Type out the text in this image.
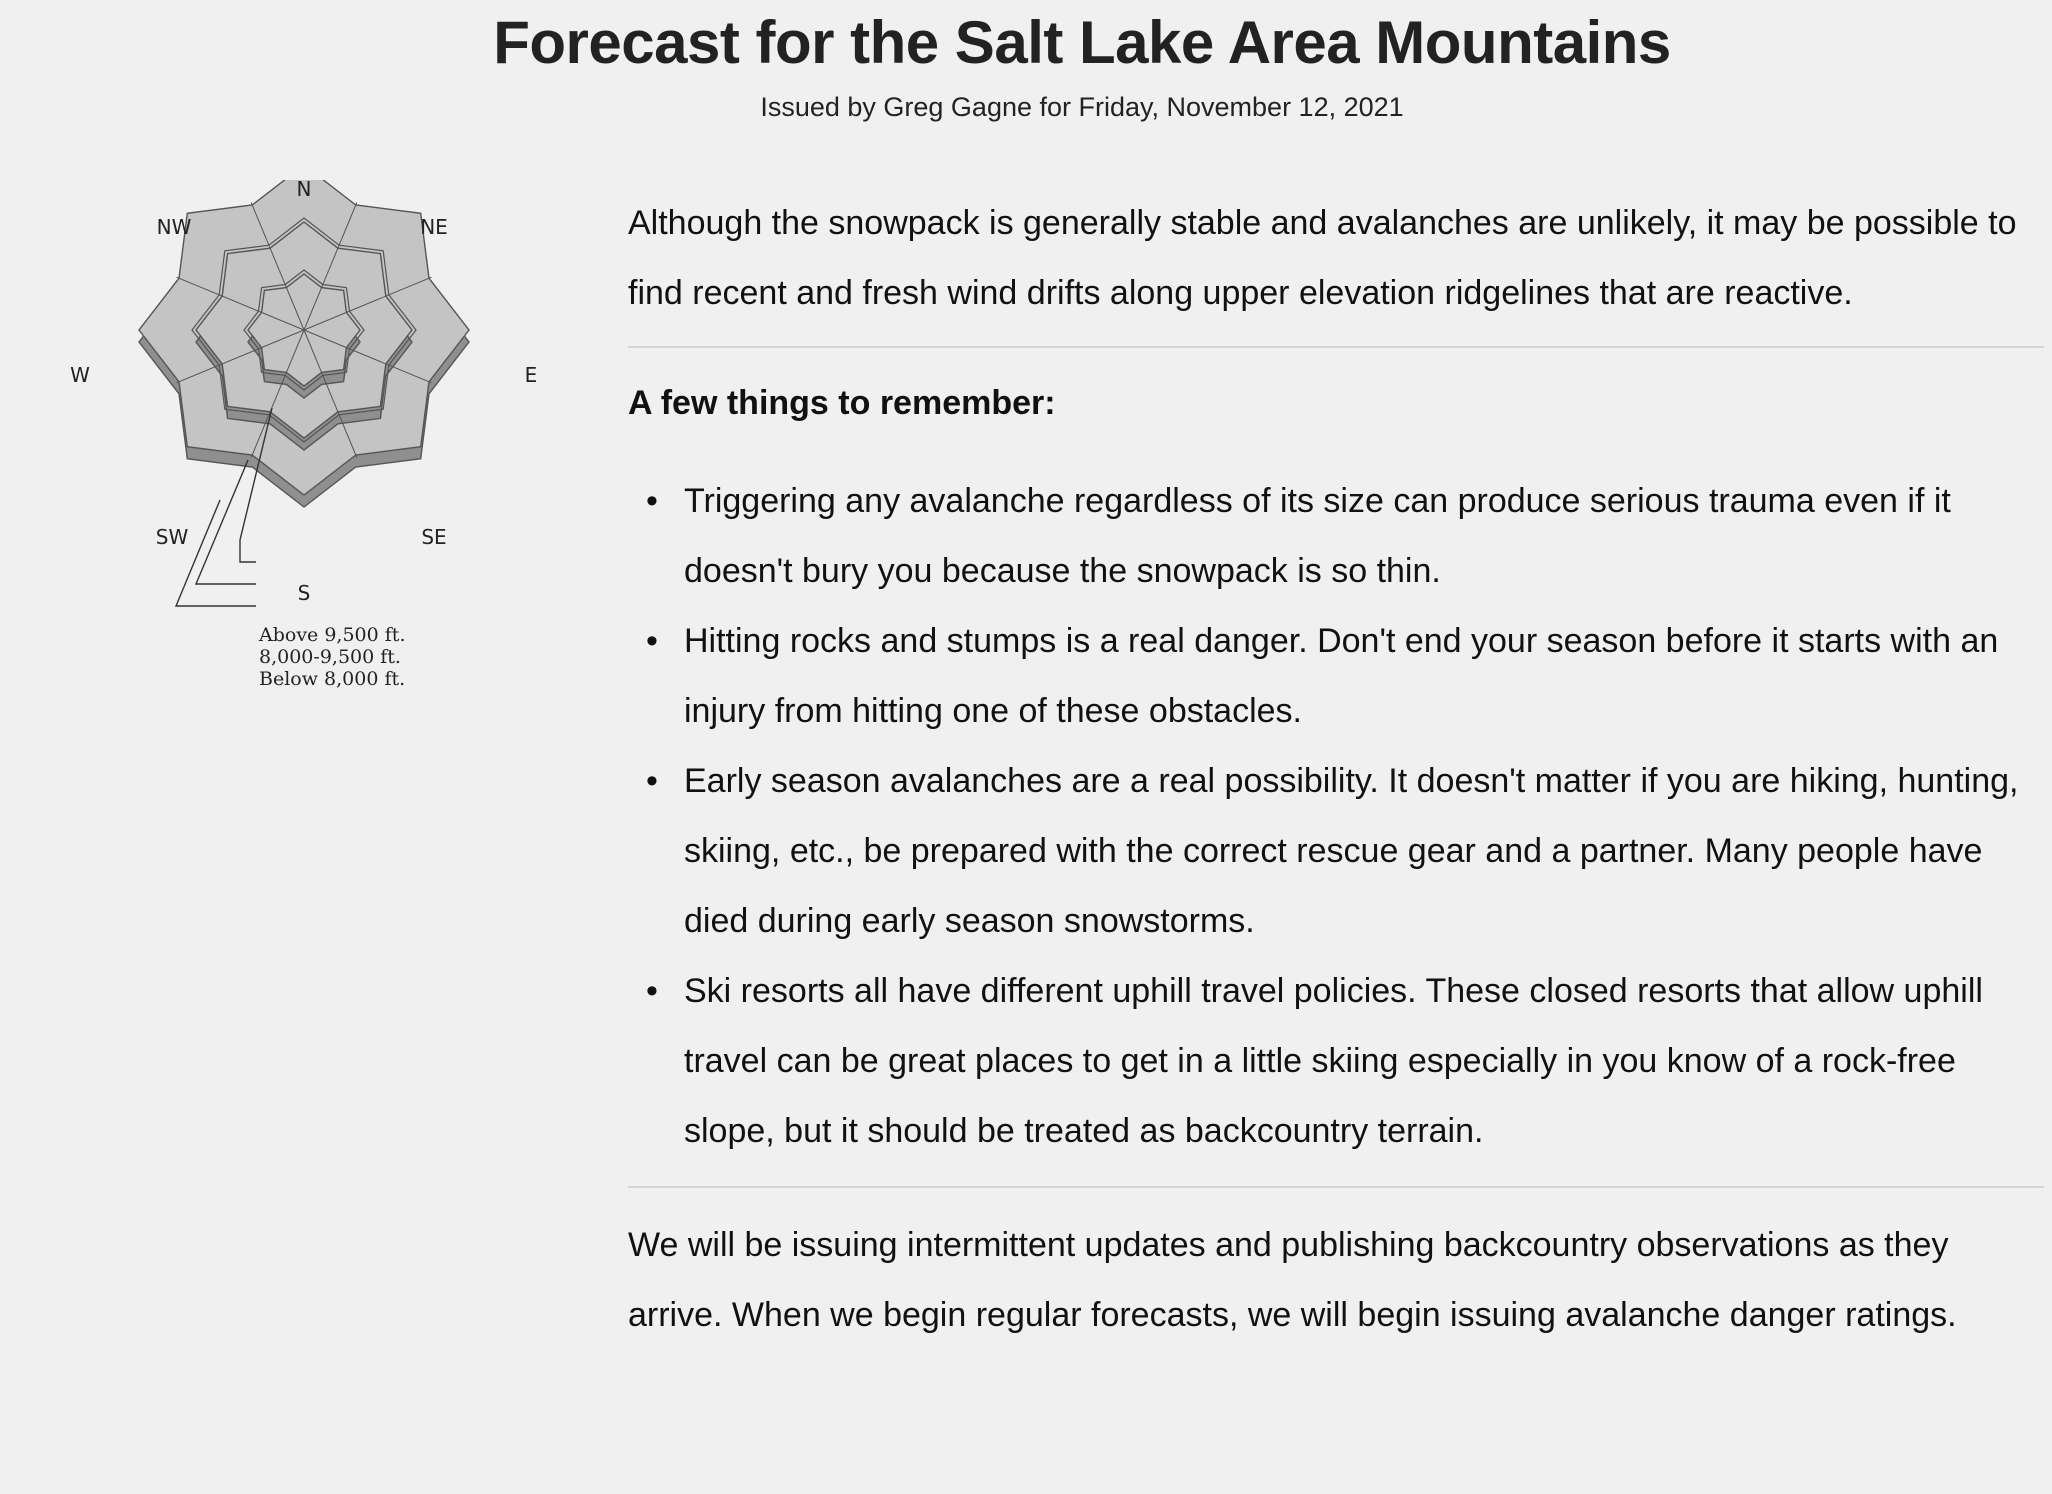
Forecast for the Salt Lake Area Mountains

Issued by Greg Gagne for Friday, November 12, 2021

N
NE
E
SE
S
SW
W
NW
Above 9,500 ft.
8,000-9,500 ft.
Below 8,000 ft.

Although the snowpack is generally stable and avalanches are unlikely, it may be possible to find recent and fresh wind drifts along upper elevation ridgelines that are reactive.

A few things to remember:

• Triggering any avalanche regardless of its size can produce serious trauma even if it doesn't bury you because the snowpack is so thin.
• Hitting rocks and stumps is a real danger. Don't end your season before it starts with an injury from hitting one of these obstacles.
• Early season avalanches are a real possibility. It doesn't matter if you are hiking, hunting, skiing, etc., be prepared with the correct rescue gear and a partner. Many people have died during early season snowstorms.
• Ski resorts all have different uphill travel policies. These closed resorts that allow uphill travel can be great places to get in a little skiing especially in you know of a rock-free slope, but it should be treated as backcountry terrain.

We will be issuing intermittent updates and publishing backcountry observations as they arrive. When we begin regular forecasts, we will begin issuing avalanche danger ratings.
